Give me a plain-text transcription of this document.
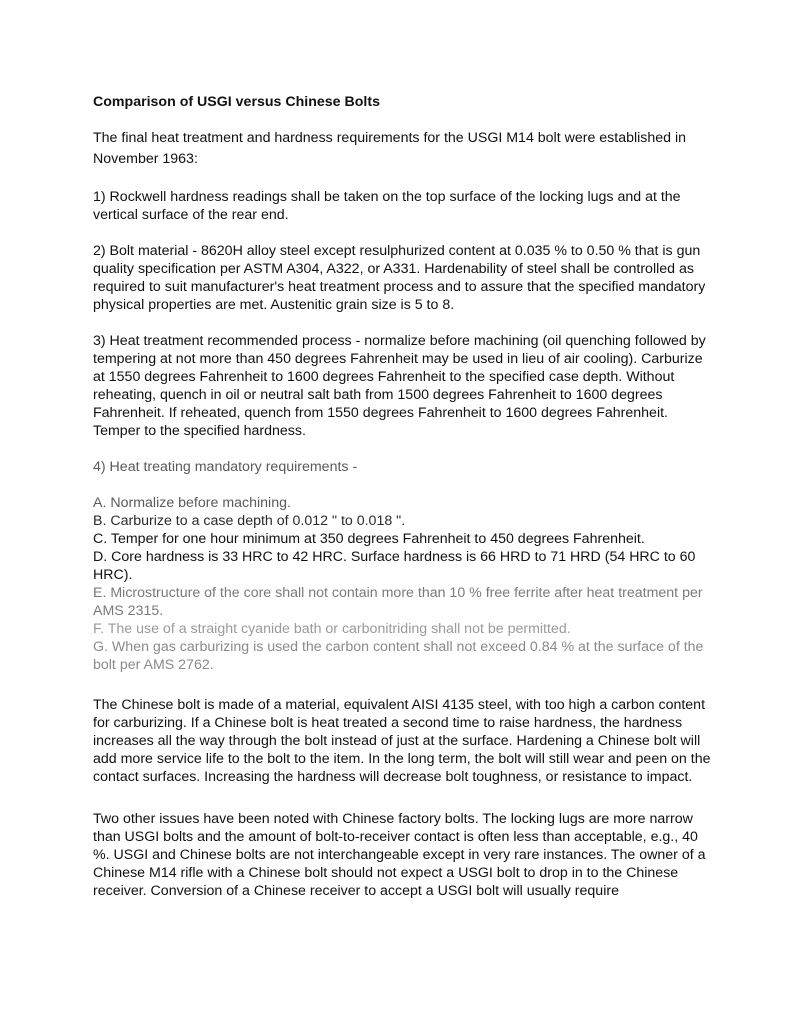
Comparison of USGI versus Chinese Bolts

The final heat treatment and hardness requirements for the USGI M14 bolt were established in November 1963:

1) Rockwell hardness readings shall be taken on the top surface of the locking lugs and at the vertical surface of the rear end.

2) Bolt material - 8620H alloy steel except resulphurized content at 0.035 % to 0.50 % that is gun quality specification per ASTM A304, A322, or A331. Hardenability of steel shall be controlled as required to suit manufacturer's heat treatment process and to assure that the specified mandatory physical properties are met. Austenitic grain size is 5 to 8.

3) Heat treatment recommended process - normalize before machining (oil quenching followed by tempering at not more than 450 degrees Fahrenheit may be used in lieu of air cooling). Carburize at 1550 degrees Fahrenheit to 1600 degrees Fahrenheit to the specified case depth. Without reheating, quench in oil or neutral salt bath from 1500 degrees Fahrenheit to 1600 degrees Fahrenheit. If reheated, quench from 1550 degrees Fahrenheit to 1600 degrees Fahrenheit. Temper to the specified hardness.

4) Heat treating mandatory requirements -

A. Normalize before machining.

B. Carburize to a case depth of 0.012 " to 0.018 ".

C. Temper for one hour minimum at 350 degrees Fahrenheit to 450 degrees Fahrenheit.

D. Core hardness is 33 HRC to 42 HRC. Surface hardness is 66 HRD to 71 HRD (54 HRC to 60 HRC).

E. Microstructure of the core shall not contain more than 10 % free ferrite after heat treatment per AMS 2315.

F. The use of a straight cyanide bath or carbonitriding shall not be permitted.

G. When gas carburizing is used the carbon content shall not exceed 0.84 % at the surface of the bolt per AMS 2762.

The Chinese bolt is made of a material, equivalent AISI 4135 steel, with too high a carbon content for carburizing. If a Chinese bolt is heat treated a second time to raise hardness, the hardness increases all the way through the bolt instead of just at the surface. Hardening a Chinese bolt will add more service life to the bolt to the item. In the long term, the bolt will still wear and peen on the contact surfaces. Increasing the hardness will decrease bolt toughness, or resistance to impact.

Two other issues have been noted with Chinese factory bolts. The locking lugs are more narrow than USGI bolts and the amount of bolt-to-receiver contact is often less than acceptable, e.g., 40 %. USGI and Chinese bolts are not interchangeable except in very rare instances. The owner of a Chinese M14 rifle with a Chinese bolt should not expect a USGI bolt to drop in to the Chinese receiver. Conversion of a Chinese receiver to accept a USGI bolt will usually require
